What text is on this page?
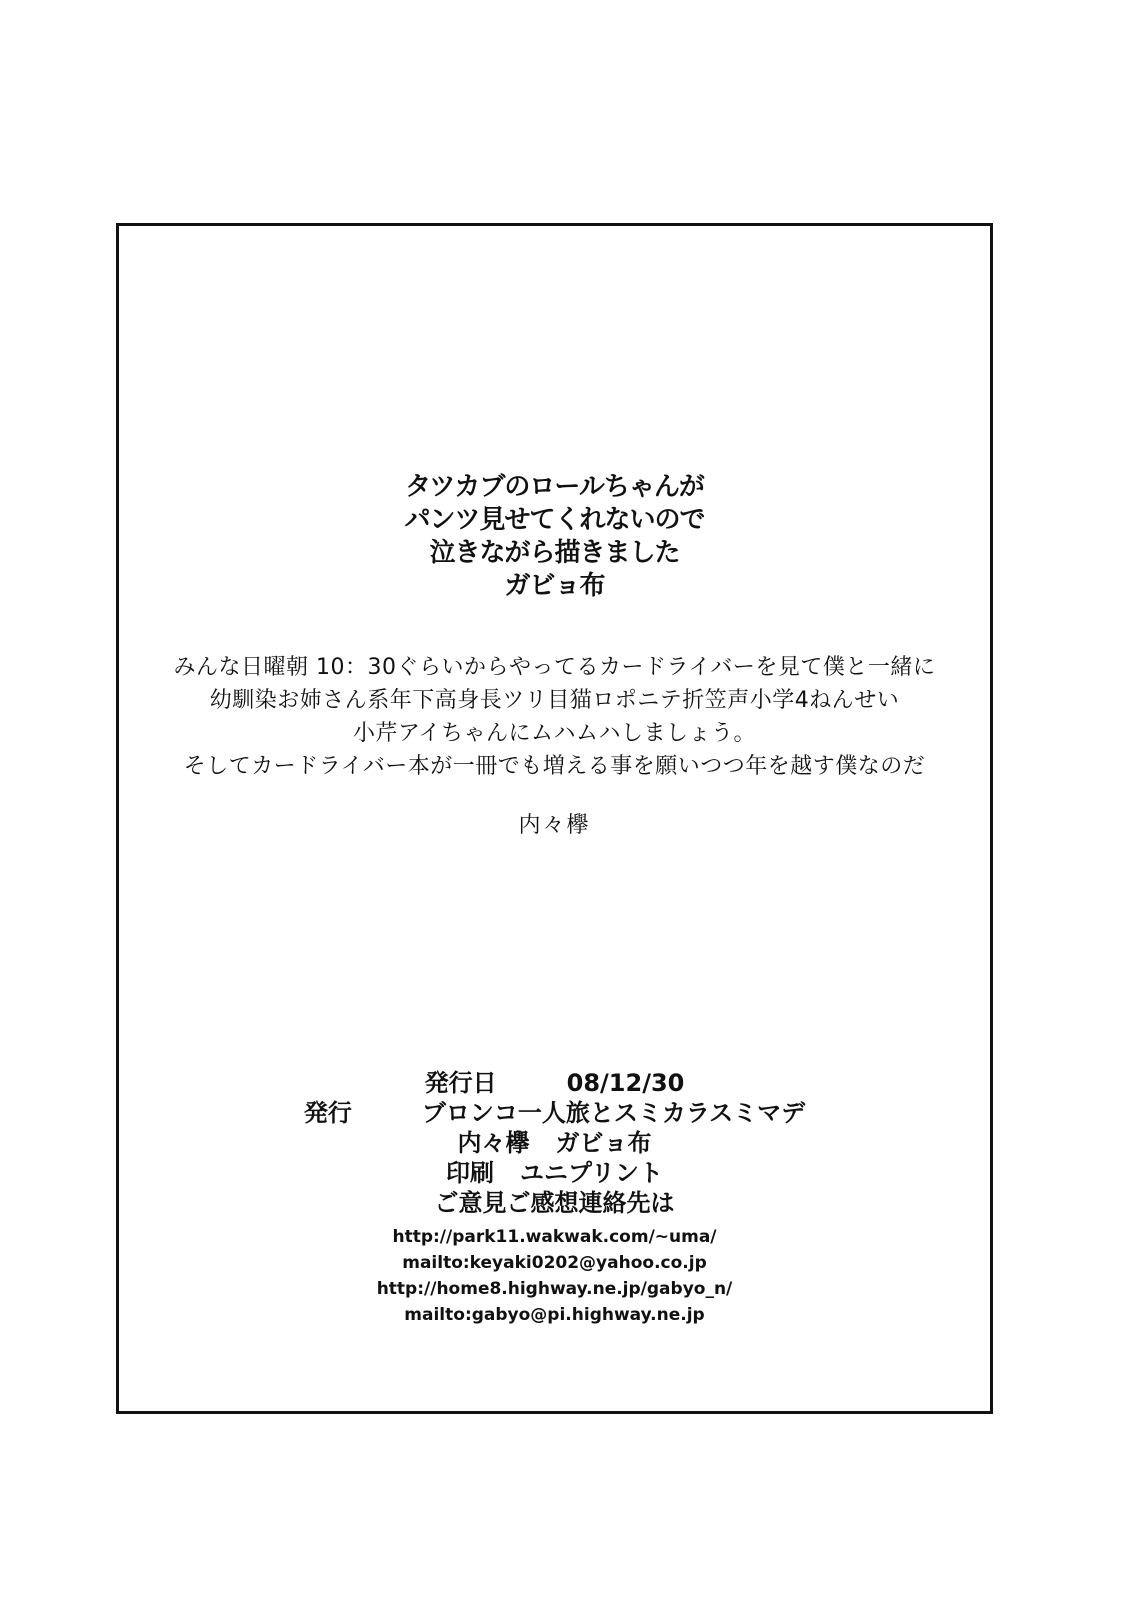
タツカブのロールちゃんが
パンツ見せてくれないので
泣きながら描きました
ガビョ布
みんな日曜朝 10：30ぐらいからやってるカードライバーを見て僕と一緒に
幼馴染お姉さん系年下高身長ツリ目猫ロポニテ折笠声小学4ねんせい
小芹アイちゃんにムハムハしましょう。
そしてカードライバー本が一冊でも増える事を願いつつ年を越す僕なのだ
内々欅
発行日	08/12/30
発行	ブロンコ一人旅とスミカラスミマデ
内々欅 ガビョ布
印刷 ユニプリント
ご意見ご感想連絡先は
http://park11.wakwak.com/~uma/
mailto:keyaki0202@yahoo.co.jp
http://home8.highway.ne.jp/gabyo_n/
mailto:gabyo@pi.highway.ne.jp
